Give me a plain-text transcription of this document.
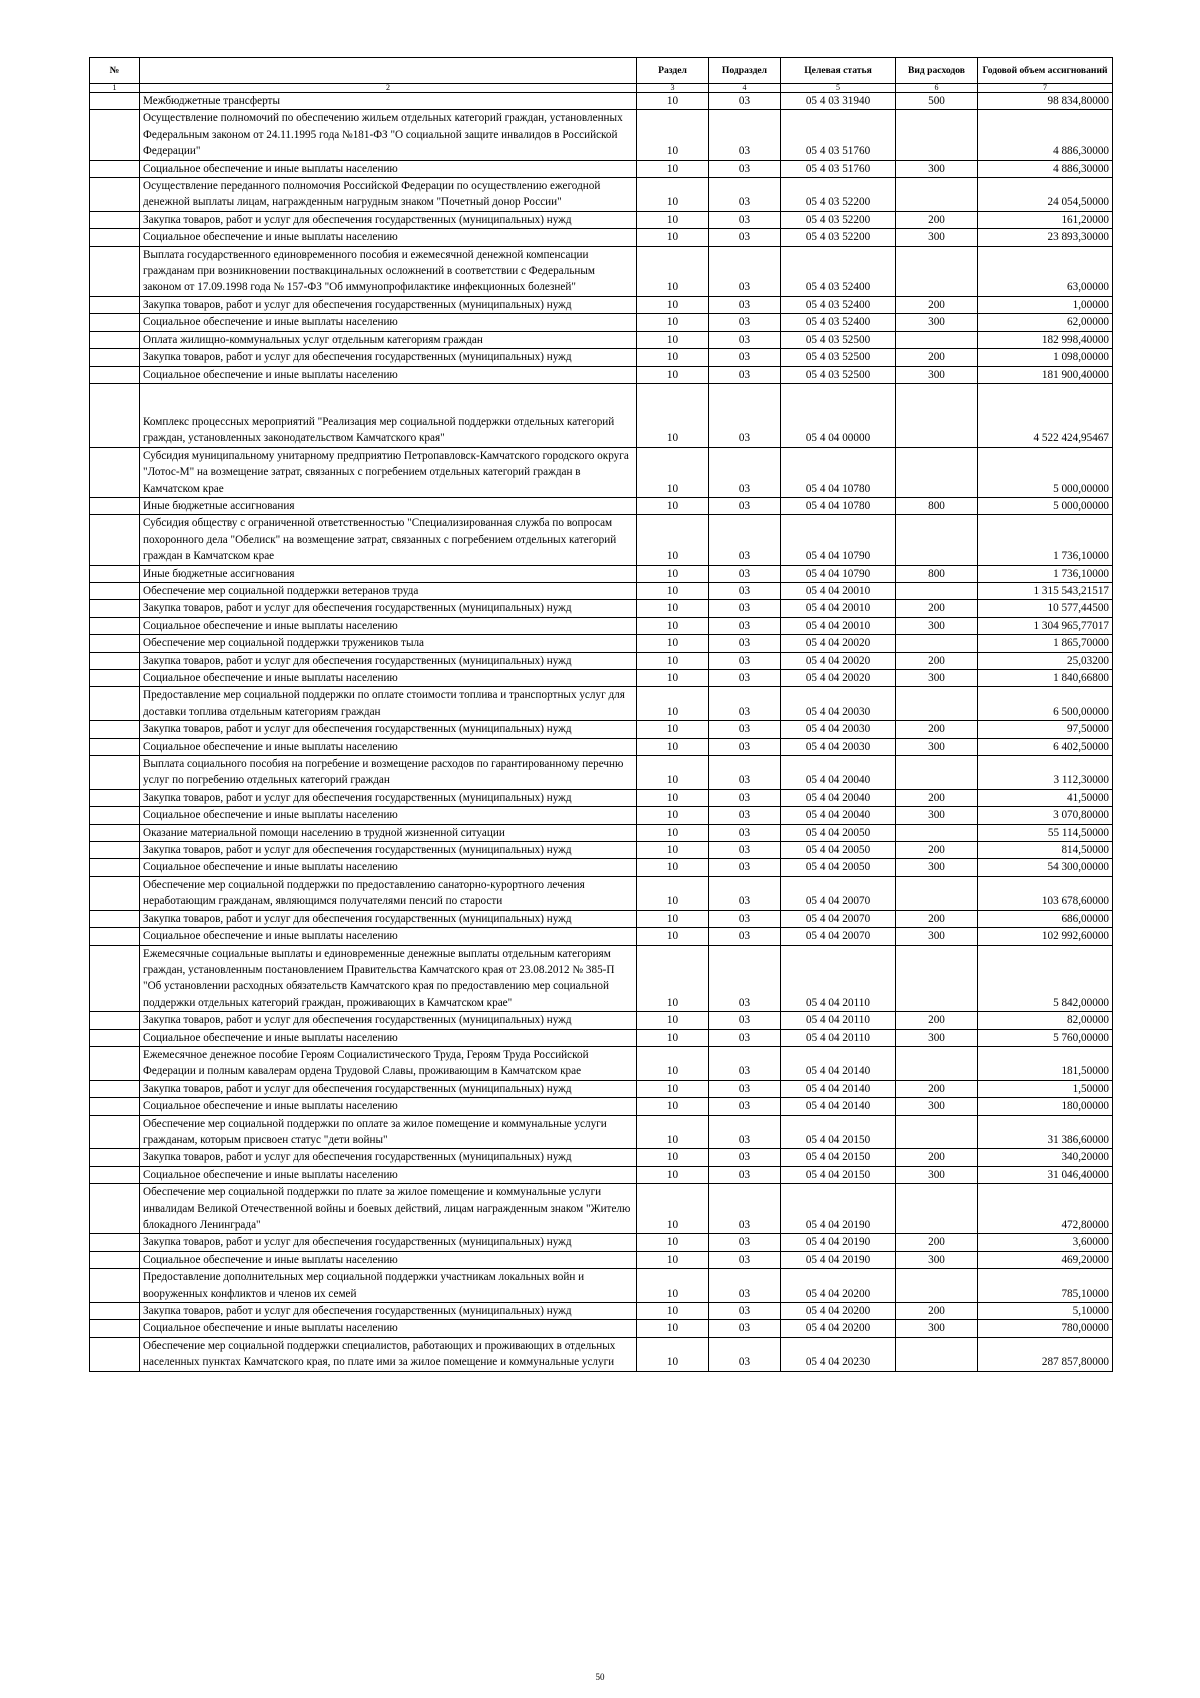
№		Раздел	Подраздел	Целевая статья	Вид расходов	Годовой объем ассигнований
1	2	3	4	5	6	7
	Межбюджетные трансферты	10	03	05 4 03 31940	500	98 834,80000
	Осуществление полномочий по обеспечению жильем отдельных категорий граждан, установленных Федеральным законом от 24.11.1995 года №181-ФЗ "О социальной защите инвалидов в Российской Федерации"	10	03	05 4 03 51760		4 886,30000
	Социальное обеспечение и иные выплаты населению	10	03	05 4 03 51760	300	4 886,30000
	Осуществление переданного полномочия Российской Федерации по осуществлению ежегодной денежной выплаты лицам, награжденным нагрудным знаком "Почетный донор России"	10	03	05 4 03 52200		24 054,50000
	Закупка товаров, работ и услуг для обеспечения государственных (муниципальных) нужд	10	03	05 4 03 52200	200	161,20000
	Социальное обеспечение и иные выплаты населению	10	03	05 4 03 52200	300	23 893,30000
	Выплата государственного единовременного пособия и ежемесячной денежной компенсации гражданам при возникновении поствакцинальных осложнений в соответствии с Федеральным законом от 17.09.1998 года № 157-ФЗ "Об иммунопрофилактике инфекционных болезней"	10	03	05 4 03 52400		63,00000
	Закупка товаров, работ и услуг для обеспечения государственных (муниципальных) нужд	10	03	05 4 03 52400	200	1,00000
	Социальное обеспечение и иные выплаты населению	10	03	05 4 03 52400	300	62,00000
	Оплата жилищно-коммунальных услуг отдельным категориям граждан	10	03	05 4 03 52500		182 998,40000
	Закупка товаров, работ и услуг для обеспечения государственных (муниципальных) нужд	10	03	05 4 03 52500	200	1 098,00000
	Социальное обеспечение и иные выплаты населению	10	03	05 4 03 52500	300	181 900,40000
	Комплекс процессных мероприятий "Реализация мер социальной поддержки отдельных категорий граждан, установленных законодательством Камчатского края"	10	03	05 4 04 00000		4 522 424,95467
	Субсидия муниципальному унитарному предприятию Петропавловск-Камчатского городского округа "Лотос-М" на возмещение затрат, связанных с погребением отдельных категорий граждан в Камчатском крае	10	03	05 4 04 10780		5 000,00000
	Иные бюджетные ассигнования	10	03	05 4 04 10780	800	5 000,00000
	Субсидия обществу с ограниченной ответственностью "Специализированная служба по вопросам похоронного дела "Обелиск" на возмещение затрат, связанных с погребением отдельных категорий граждан в Камчатском крае	10	03	05 4 04 10790		1 736,10000
	Иные бюджетные ассигнования	10	03	05 4 04 10790	800	1 736,10000
	Обеспечение мер социальной поддержки ветеранов труда	10	03	05 4 04 20010		1 315 543,21517
	Закупка товаров, работ и услуг для обеспечения государственных (муниципальных) нужд	10	03	05 4 04 20010	200	10 577,44500
	Социальное обеспечение и иные выплаты населению	10	03	05 4 04 20010	300	1 304 965,77017
	Обеспечение мер социальной поддержки тружеников тыла	10	03	05 4 04 20020		1 865,70000
	Закупка товаров, работ и услуг для обеспечения государственных (муниципальных) нужд	10	03	05 4 04 20020	200	25,03200
	Социальное обеспечение и иные выплаты населению	10	03	05 4 04 20020	300	1 840,66800
	Предоставление мер социальной поддержки по оплате стоимости топлива и транспортных услуг для доставки топлива отдельным категориям граждан	10	03	05 4 04 20030		6 500,00000
	Закупка товаров, работ и услуг для обеспечения государственных (муниципальных) нужд	10	03	05 4 04 20030	200	97,50000
	Социальное обеспечение и иные выплаты населению	10	03	05 4 04 20030	300	6 402,50000
	Выплата социального пособия на погребение и возмещение расходов по гарантированному перечню услуг по погребению отдельных категорий граждан	10	03	05 4 04 20040		3 112,30000
	Закупка товаров, работ и услуг для обеспечения государственных (муниципальных) нужд	10	03	05 4 04 20040	200	41,50000
	Социальное обеспечение и иные выплаты населению	10	03	05 4 04 20040	300	3 070,80000
	Оказание материальной помощи населению в трудной жизненной ситуации	10	03	05 4 04 20050		55 114,50000
	Закупка товаров, работ и услуг для обеспечения государственных (муниципальных) нужд	10	03	05 4 04 20050	200	814,50000
	Социальное обеспечение и иные выплаты населению	10	03	05 4 04 20050	300	54 300,00000
	Обеспечение мер социальной поддержки по предоставлению санаторно-курортного лечения неработающим гражданам, являющимся получателями пенсий по старости	10	03	05 4 04 20070		103 678,60000
	Закупка товаров, работ и услуг для обеспечения государственных (муниципальных) нужд	10	03	05 4 04 20070	200	686,00000
	Социальное обеспечение и иные выплаты населению	10	03	05 4 04 20070	300	102 992,60000
	Ежемесячные социальные выплаты и единовременные денежные выплаты отдельным категориям граждан, установленным постановлением Правительства Камчатского края от 23.08.2012 № 385-П "Об установлении расходных обязательств Камчатского края по предоставлению мер социальной поддержки отдельных категорий граждан, проживающих в Камчатском крае"	10	03	05 4 04 20110		5 842,00000
	Закупка товаров, работ и услуг для обеспечения государственных (муниципальных) нужд	10	03	05 4 04 20110	200	82,00000
	Социальное обеспечение и иные выплаты населению	10	03	05 4 04 20110	300	5 760,00000
	Ежемесячное денежное пособие Героям Социалистического Труда, Героям Труда Российской Федерации и полным кавалерам ордена Трудовой Славы, проживающим в Камчатском крае	10	03	05 4 04 20140		181,50000
	Закупка товаров, работ и услуг для обеспечения государственных (муниципальных) нужд	10	03	05 4 04 20140	200	1,50000
	Социальное обеспечение и иные выплаты населению	10	03	05 4 04 20140	300	180,00000
	Обеспечение мер социальной поддержки по оплате за жилое помещение и коммунальные услуги гражданам, которым присвоен статус "дети войны"	10	03	05 4 04 20150		31 386,60000
	Закупка товаров, работ и услуг для обеспечения государственных (муниципальных) нужд	10	03	05 4 04 20150	200	340,20000
	Социальное обеспечение и иные выплаты населению	10	03	05 4 04 20150	300	31 046,40000
	Обеспечение мер социальной поддержки по плате за жилое помещение и коммунальные услуги инвалидам Великой Отечественной войны и боевых действий, лицам награжденным знаком "Жителю блокадного Ленинграда"	10	03	05 4 04 20190		472,80000
	Закупка товаров, работ и услуг для обеспечения государственных (муниципальных) нужд	10	03	05 4 04 20190	200	3,60000
	Социальное обеспечение и иные выплаты населению	10	03	05 4 04 20190	300	469,20000
	Предоставление дополнительных мер социальной поддержки участникам локальных войн и вооруженных конфликтов и членов их семей	10	03	05 4 04 20200		785,10000
	Закупка товаров, работ и услуг для обеспечения государственных (муниципальных) нужд	10	03	05 4 04 20200	200	5,10000
	Социальное обеспечение и иные выплаты населению	10	03	05 4 04 20200	300	780,00000
	Обеспечение мер социальной поддержки специалистов, работающих и проживающих в отдельных населенных пунктах Камчатского края, по плате ими за жилое помещение и коммунальные услуги	10	03	05 4 04 20230		287 857,80000
50
